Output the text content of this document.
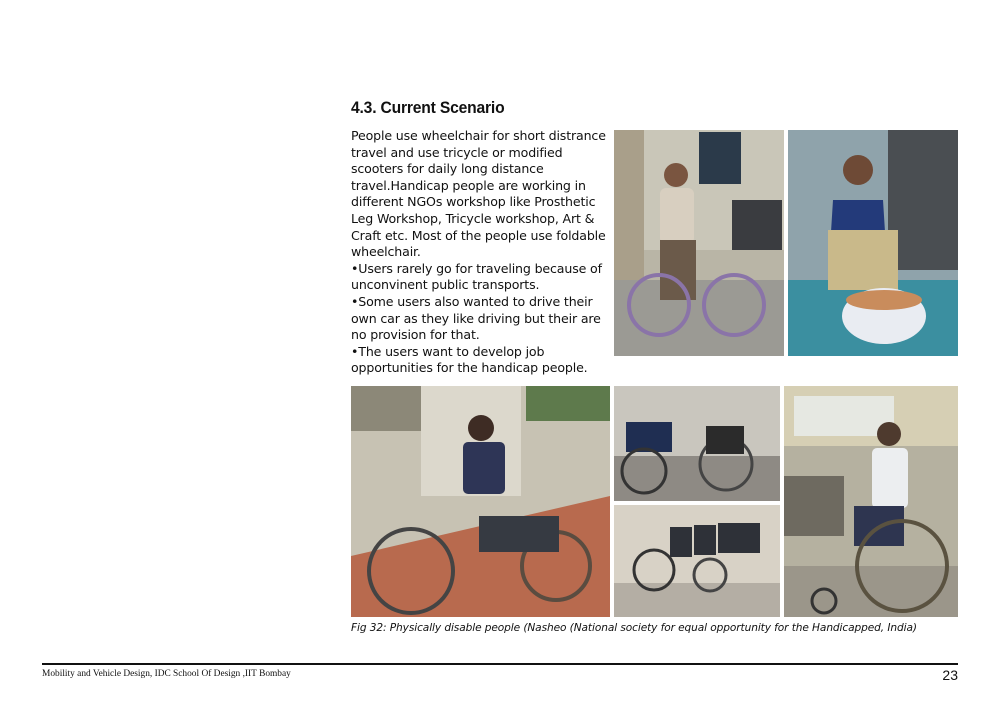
4.3. Current Scenario

People use wheelchair for short distrance travel and use tricycle or modified scooters for daily long distance travel.Handicap people are working in different NGOs workshop like Prosthetic Leg Workshop, Tricycle workshop, Art & Craft etc. Most of the people use foldable wheelchair.

•Users rarely go for traveling because of unconvinent public transports.

•Some users also wanted to drive their own car as they like driving but their are no provision for that.

•The users want to develop job opportunities for the handicap people.

Fig 32: Physically disable people (Nasheo (National society for equal opportunity for the Handicapped, India)
Mobility and Vehicle Design, IDC School Of Design ,IIT Bombay	23
